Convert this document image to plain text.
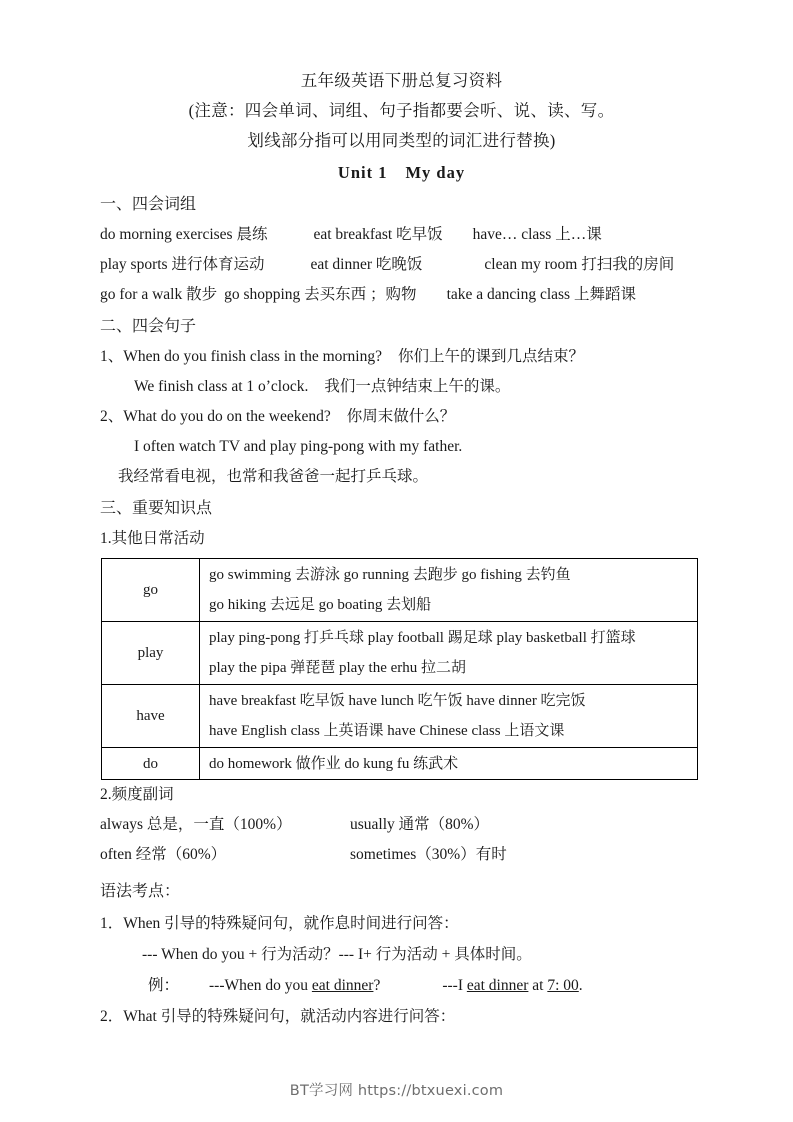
五年级英语下册总复习资料
(注意：四会单词、词组、句子指都要会听、说、读、写。
划线部分指可以用同类型的词汇进行替换)
Unit 1 My day
一、四会词组
do morning exercises 晨练	eat breakfast 吃早饭 have… class 上…课
play sports 进行体育运动	eat dinner 吃晚饭	clean my room 打扫我的房间
go for a walk 散步 go shopping 去买东西 ；购物 take a dancing class 上舞蹈课
二、四会句子
1、When do you finish class in the morning? 你们上午的课到几点结束？
We finish class at 1 o’clock. 我们一点钟结束上午的课。
2、What do you do on the weekend? 你周末做什么？
I often watch TV and play ping-pong with my father.
我经常看电视，也常和我爸爸一起打乒乓球。
三、重要知识点
1.其他日常活动
go	go swimming 去游泳 go running 去跑步 go fishing 去钓鱼
go hiking 去远足 go boating 去划船

play	play ping-pong 打乒乓球 play football 踢足球 play basketball 打篮球
play the pipa 弹琵琶 play the erhu 拉二胡

have	have breakfast 吃早饭 have lunch 吃午饭 have dinner 吃完饭
have English class 上英语课 have Chinese class 上语文课

do	do homework 做作业 do kung fu 练武术
2.频度副词
always 总是，一直（100%）	usually 通常（80%）
often 经常（60%）	sometimes（30%）有时
语法考点：
1．When 引导的特殊疑问句，就作息时间进行问答：
--- When do you + 行为活动？--- I+ 行为活动 + 具体时间。
例： ---When do you eat dinner?	---I eat dinner at 7: 00.
2．What 引导的特殊疑问句，就活动内容进行问答：
BT学习网 https://btxuexi.com
